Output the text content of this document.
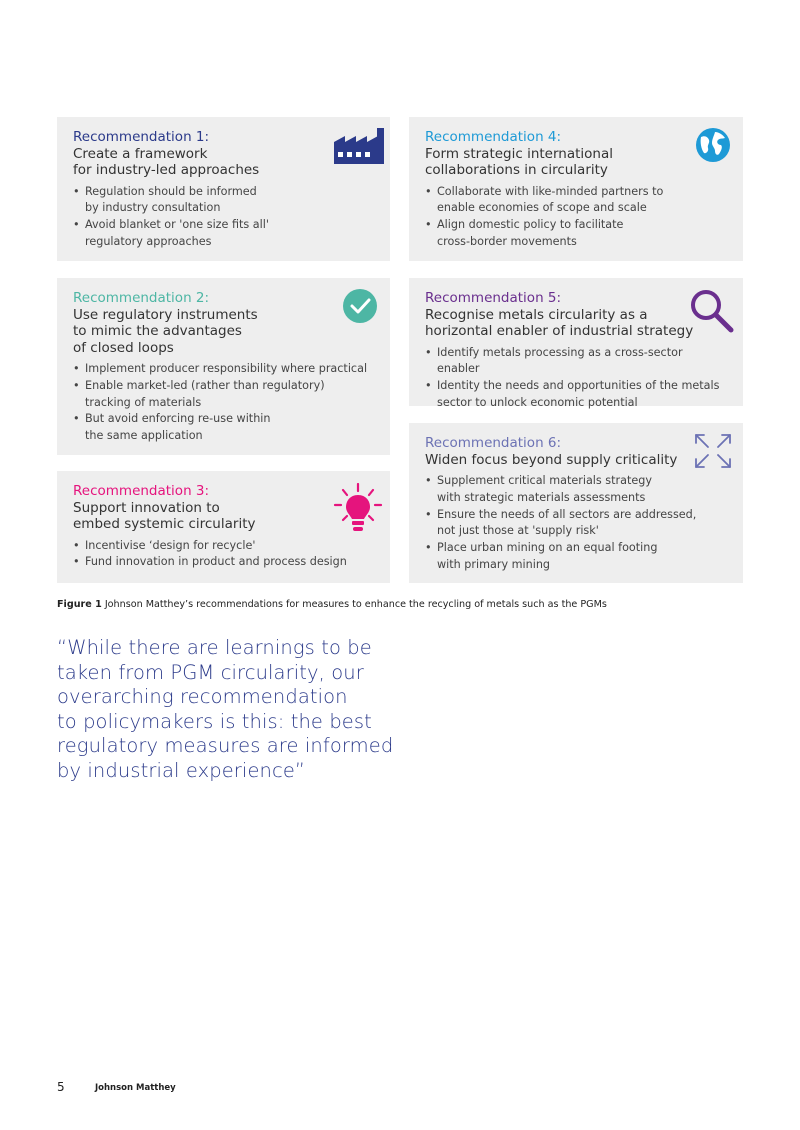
Recommendation 1:

Create a framework
for industry-led approaches

• Regulation should be informed
by industry consultation
• Avoid blanket or 'one size fits all'
regulatory approaches

Recommendation 2:

Use regulatory instruments
to mimic the advantages
of closed loops

• Implement producer responsibility where practical
• Enable market-led (rather than regulatory)
tracking of materials
• But avoid enforcing re-use within
the same application

Recommendation 3:

Support innovation to
embed systemic circularity

• Incentivise ‘design for recycle'
• Fund innovation in product and process design

Recommendation 4:

Form strategic international
collaborations in circularity

• Collaborate with like-minded partners to
enable economies of scope and scale
• Align domestic policy to facilitate
cross-border movements

Recommendation 5:

Recognise metals circularity as a
horizontal enabler of industrial strategy

• Identify metals processing as a cross-sector enabler
• Identity the needs and opportunities of the metals
sector to unlock economic potential

Recommendation 6:

Widen focus beyond supply criticality

• Supplement critical materials strategy
with strategic materials assessments
• Ensure the needs of all sectors are addressed,
not just those at 'supply risk'
• Place urban mining on an equal footing
with primary mining
Figure 1 Johnson Matthey’s recommendations for measures to enhance the recycling of metals such as the PGMs
“While there are learnings to be
taken from PGM circularity, our
overarching recommendation
to policymakers is this: the best
regulatory measures are informed
by industrial experience”
5	Johnson Matthey
